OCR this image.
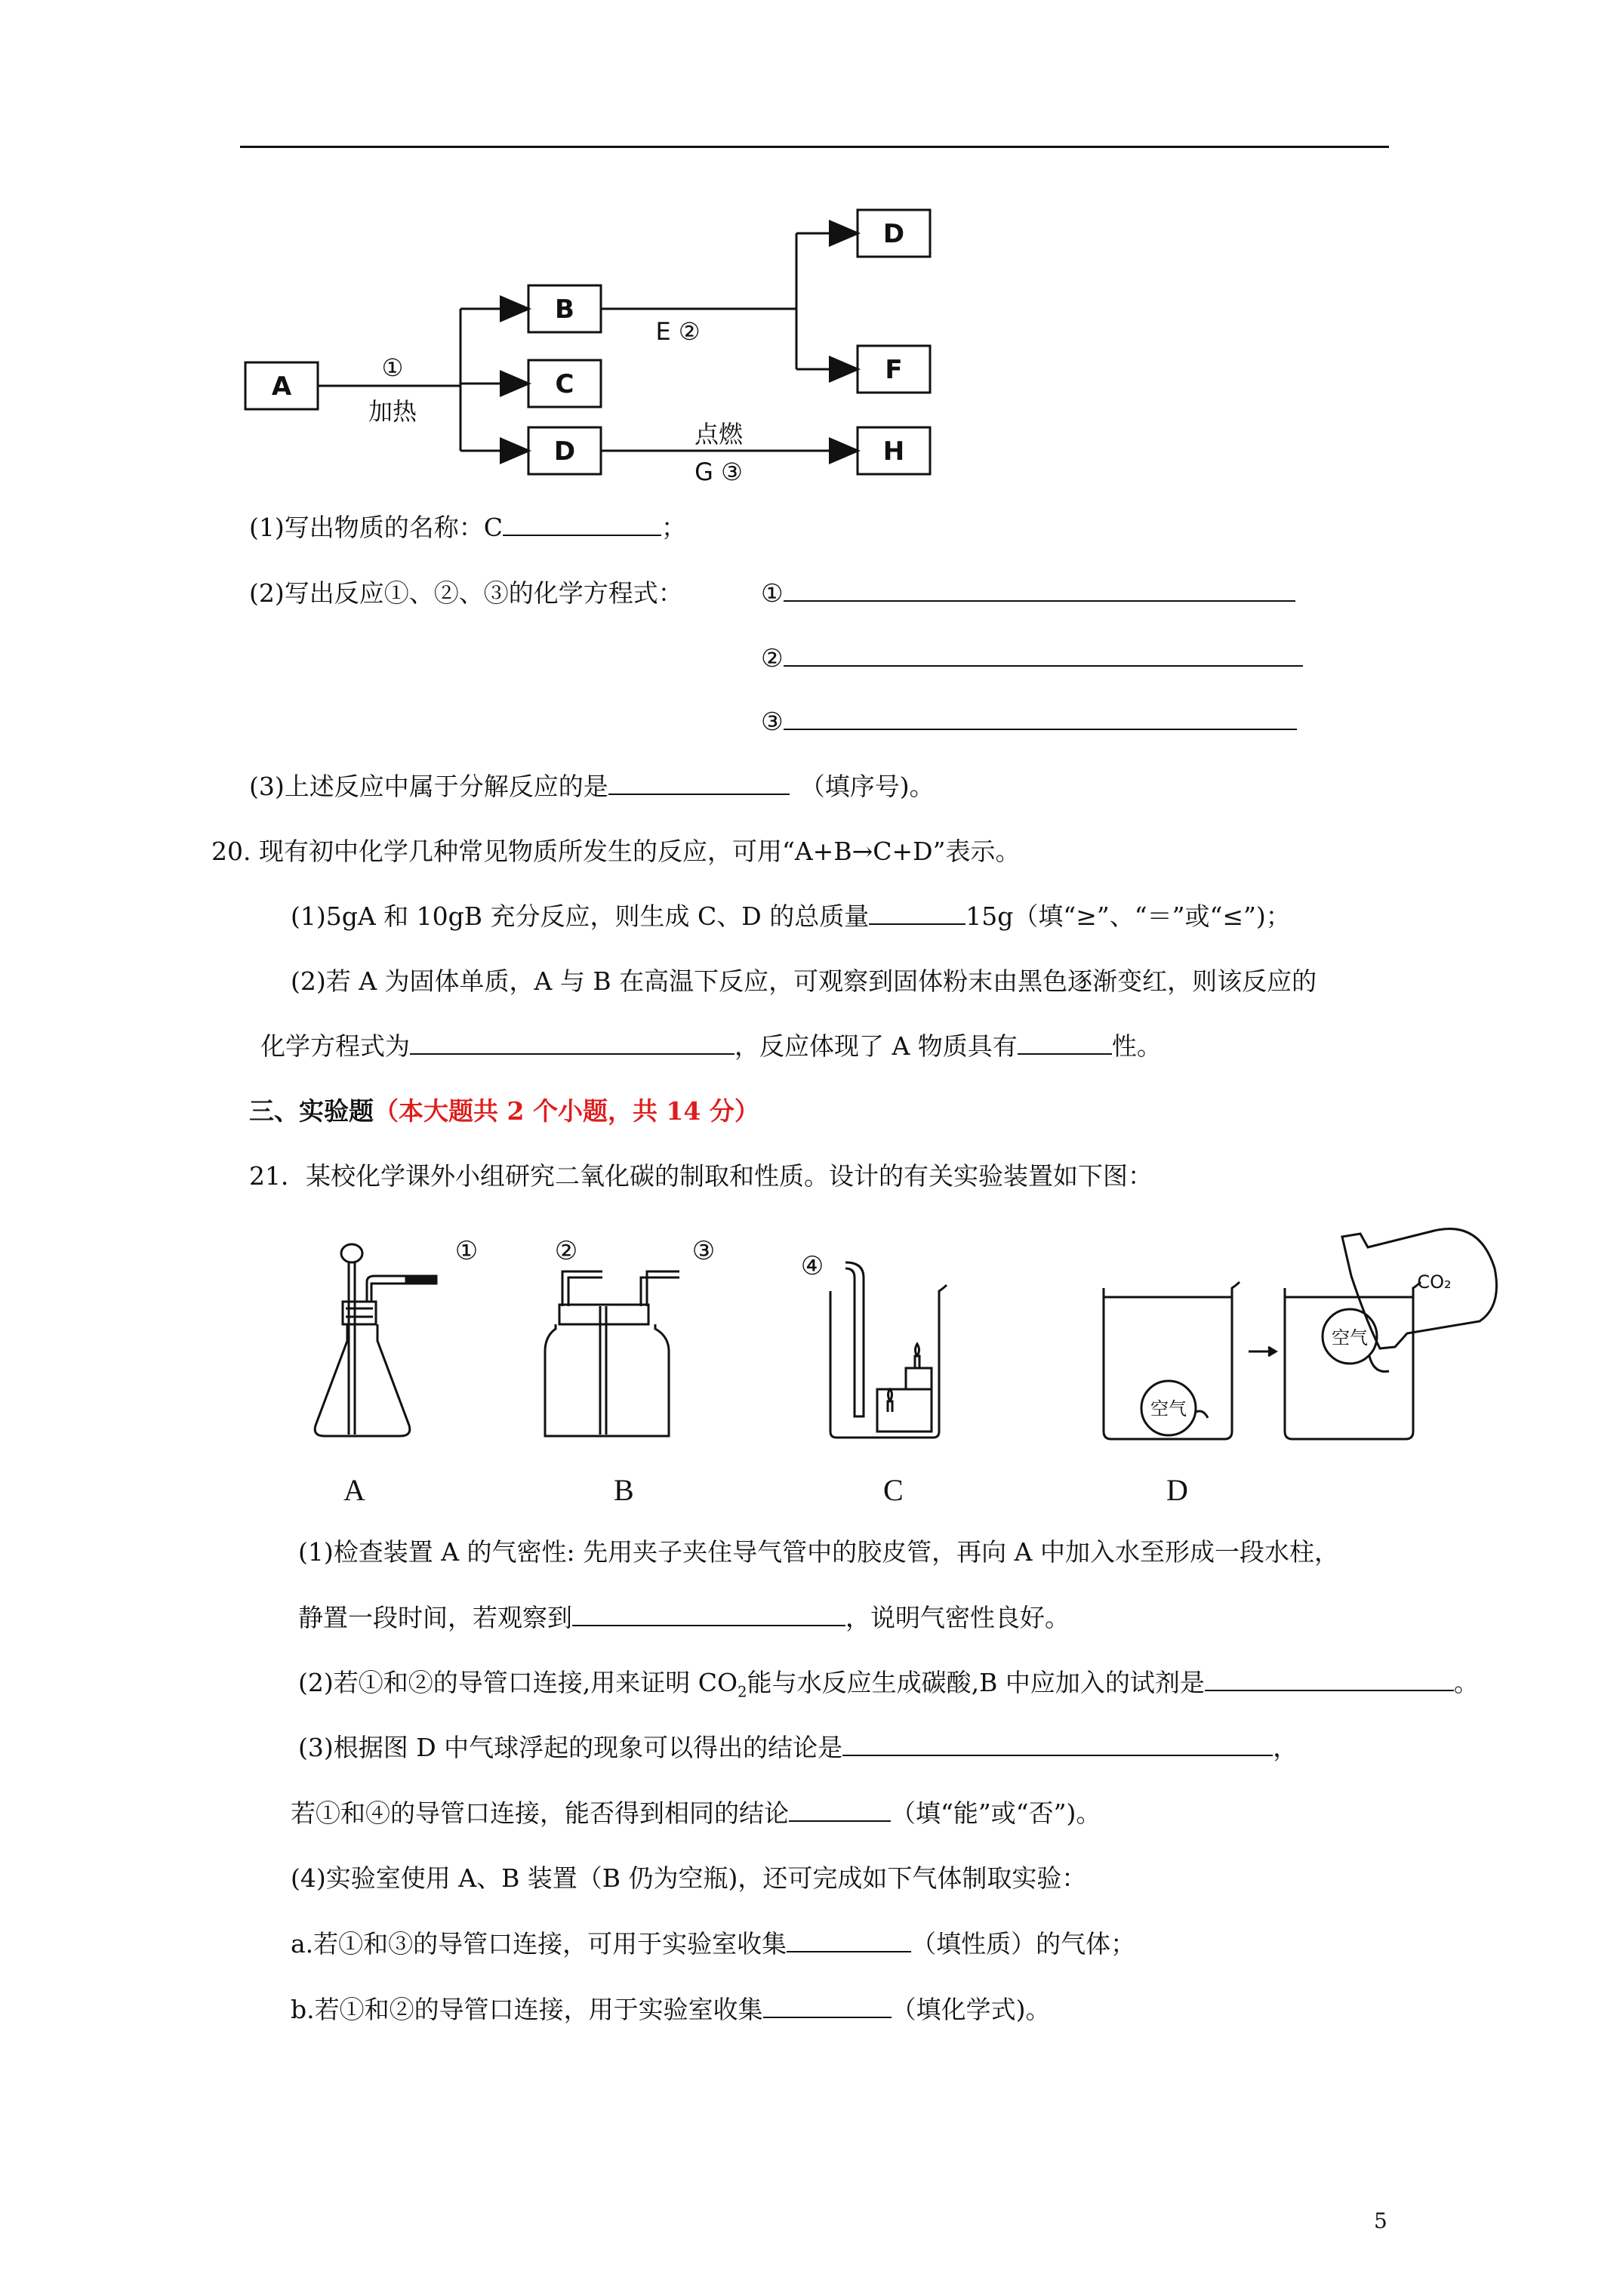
A
B
C
D
D
F
H
①
加热
E ②
点燃
G ③
(1)写出物质的名称：C	；
(2)写出反应①、②、③的化学方程式：	①
②
③
(3)上述反应中属于分解反应的是	（填序号)。
20. 现有初中化学几种常见物质所发生的反应，可用“A+B→C+D”表示。
(1)5gA 和 10gB 充分反应，则生成 C、D 的总质量	15g（填“≥”、“＝”或“≤”)；
(2)若 A 为固体单质，A 与 B 在高温下反应，可观察到固体粉末由黑色逐渐变红，则该反应的
化学方程式为	，反应体现了 A 物质具有	性。
三、实验题（本大题共 2 个小题，共 14 分）
21．某校化学课外小组研究二氧化碳的制取和性质。设计的有关实验装置如下图：
①	②	③	④
空气
空气
CO₂
A	B	C	D
(1)检查装置 A 的气密性: 先用夹子夹住导气管中的胶皮管，再向 A 中加入水至形成一段水柱，
静置一段时间，若观察到	，说明气密性良好。
(2)若①和②的导管口连接,用来证明 $CO_2$能与水反应生成碳酸,B 中应加入的试剂是	。
(3)根据图 D 中气球浮起的现象可以得出的结论是	，
若①和④的导管口连接，能否得到相同的结论	（填“能”或“否”)。
(4)实验室使用 A、B 装置（B 仍为空瓶)，还可完成如下气体制取实验：
a.若①和③的导管口连接，可用于实验室收集	（填性质）的气体；
b.若①和②的导管口连接，用于实验室收集	（填化学式)。
5
